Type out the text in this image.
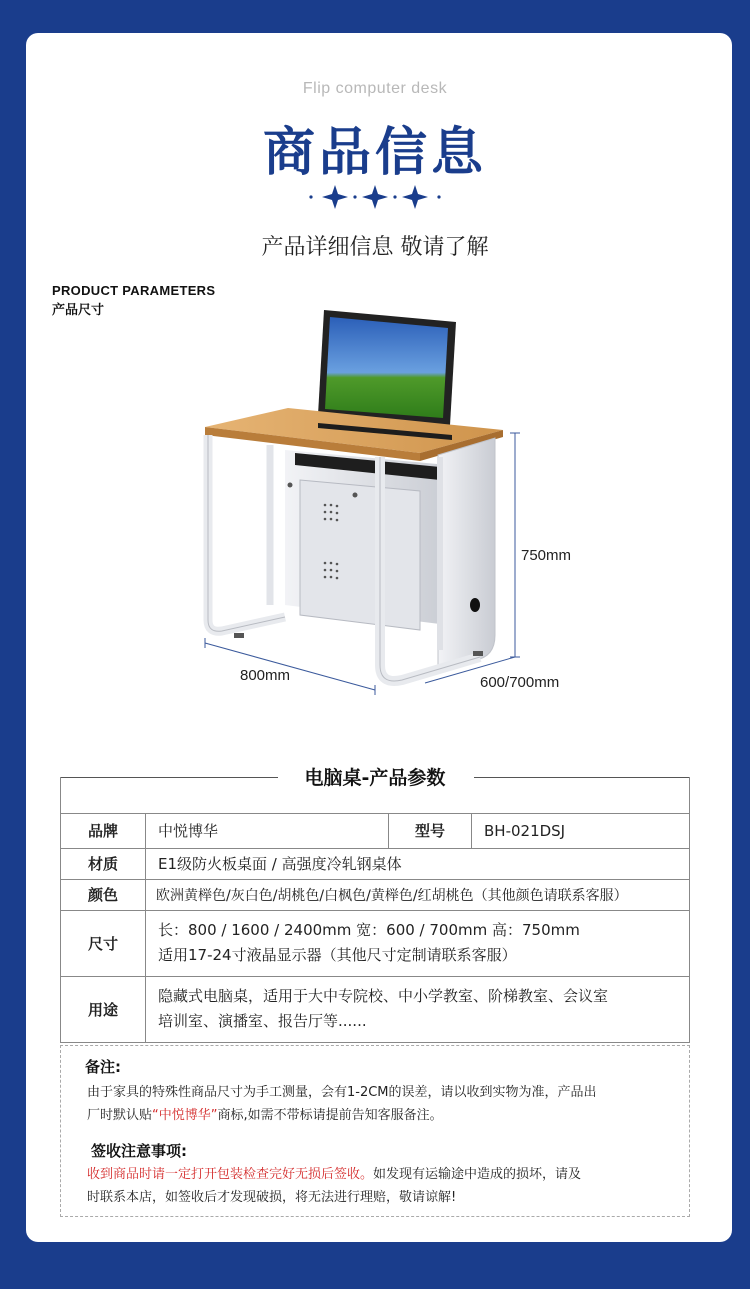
Flip computer desk
商品信息
产品详细信息 敬请了解
PRODUCT PARAMETERS
产品尺寸
750mm
800mm	600/700mm
电脑桌-产品参数

品牌	中悦博华	型号	BH-021DSJ
材质	E1级防火板桌面 / 高强度冷轧钢桌体		
颜色	欧洲黄榉色/灰白色/胡桃色/白枫色/黄榉色/红胡桃色（其他颜色请联系客服）		
尺寸	长：800 / 1600 / 2400mm 宽：600 / 700mm 高：750mm
适用17-24寸液晶显示器（其他尺寸定制请联系客服）		

用途	隐藏式电脑桌，适用于大中专院校、中小学教室、阶梯教室、会议室
培训室、演播室、报告厅等......		
备注:
由于家具的特殊性商品尺寸为手工测量，会有1-2CM的误差，请以收到实物为准，产品出
厂时默认贴“中悦博华”商标,如需不带标请提前告知客服备注。
签收注意事项:
收到商品时请一定打开包装检查完好无损后签收。如发现有运输途中造成的损坏，请及
时联系本店，如签收后才发现破损，将无法进行理赔，敬请谅解!
